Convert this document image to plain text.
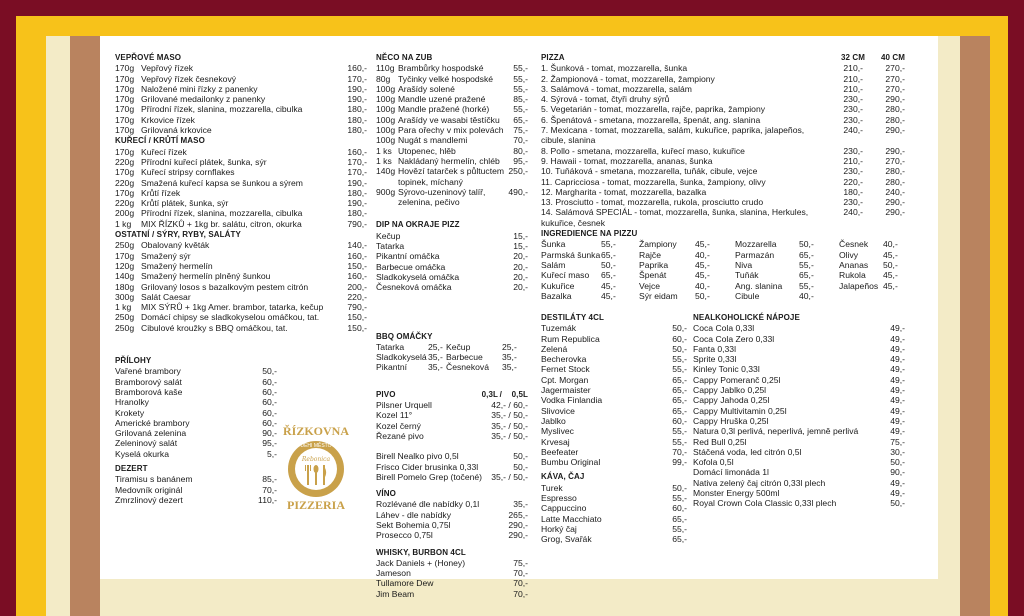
VEPŘOVÉ MASO
170g Vepřový řízek	160,-
170g Vepřový řízek česnekový	170,-
170g Naložené mini řízky z panenky	190,-
170g Grilované medailonky z panenky	190,-
170g Přírodní řízek, slanina, mozzarella, cibulka	180,-
170g Krkovice řízek	180,-
170g Grilovaná krkovice	180,-
KUŘECÍ / KRŮTÍ MASO
170g Kuřecí řízek	160,-
220g Přírodní kuřecí plátek, šunka, sýr	170,-
170g Kuřecí stripsy cornflakes	170,-
220g Smažená kuřecí kapsa se šunkou a sýrem	190,-
170g Krůtí řízek	180,-
220g Krůtí plátek, šunka, sýr	190,-
200g Přírodní řízek, slanina, mozzarella, cibulka	180,-
1 kg	MIX ŘÍZKŮ + 1kg br. salátu, citron, okurka	790,-
OSTATNÍ / SÝRY, RYBY, SALÁTY
250g Obalovaný květák	140,-
170g Smažený sýr	160,-
120g Smažený hermelín	150,-
140g Smažený hermelín plněný šunkou	160,-
180g Grilovaný losos s bazalkovým pestem citrón	200,-
300g Salát Caesar	220,-
1 kg	MIX SÝRŮ + 1kg Amer. brambor, tatarka, kečup	790,-
250g Domácí chipsy se sladkokyselou omáčkou, tat.	150,-
250g Cibulové kroužky s BBQ omáčkou, tat.	150,-
PŘÍLOHY
Vařené brambory	50,-
Bramborový salát	60,-
Bramborová kaše	60,-
Hranolky	60,-
Krokety	60,-
Americké brambory	60,-
Grilovaná zelenina	90,-
Zeleninový salát	95,-
Kyselá okurka	5,-
DEZERT
Tiramisu s banánem	85,-
Medovník originál	70,-
Zmrzlinový dezert	110,-
NĚCO NA ZUB
110g Brambůrky hospodské	55,-
80g Tyčinky velké hospodské	55,-
100g Arašídy solené	55,-
100g Mandle uzené pražené	85,-
100g Mandle pražené (horké)	55,-
100g Arašídy ve wasabi těstíčku	65,-
100g Para ořechy v mix polevách	75,-
100g Nugát s mandlemi	70,-
1 ks Utopenec, hlěb	80,-
1 ks Nakládaný hermelín, chléb	95,-
140g Hovězí tatarček s půltuctem topinek, míchaný
250,-
900g Sýrovo-uzeninový talíř, zelenina, pečivo
490,-
DIP NA OKRAJE PIZZ
Kečup	15,-
Tatarka	15,-
Pikantní omáčka	20,-
Barbecue omáčka	20,-
Sladkokyselá omáčka	20,-
Česneková omáčka	20,-
BBQ OMÁČKY
Tatarka	25,- Kečup	25,-
Sladkokyselá 35,- Barbecue	35,-
Pikantní	35,- Česneková	35,-
PIVO	0,3L /	0,5L
Pilsner Urquell	42,- / 60,-
Kozel 11°	35,- / 50,-
Kozel černý	35,- / 50,-
Řezané pivo	35,- / 50,-
Birell Nealko pivo 0,5l	50,-
Frisco Cider brusinka 0,33l	50,-
Birell Pomelo Grep (točené)	35,- / 50,-
VÍNO
Rozlévané dle nabídky 0,1l	35,-
Láhev - dle nabídky	265,-
Sekt Bohemia 0,75l	290,-
Prosecco 0,75l	290,-
WHISKY, BURBON 4CL
Jack Daniels + (Honey)	75,-
Jameson	70,-
Tullamore Dew	70,-
Jim Beam	70,-
PIZZA	32 CM	40 CM
1. Šunková - tomat, mozzarella, šunka	210,-	270,-
2. Žampionová - tomat, mozzarella, žampiony	210,-	270,-
3. Salámová - tomat, mozzarella, salám	210,-	270,-
4. Sýrová - tomat, čtyři druhy sýrů	230,-	290,-
5. Vegetarián - tomat, mozzarella, rajče, paprika, žampiony	230,-	280,-
6. Špenátová - smetana, mozzarella, špenát, ang. slanina	230,-	280,-
7. Mexicana - tomat, mozzarella, salám, kukuřice, paprika, jalapeños, cibule, slanina
240,-	290,-
8. Pollo - smetana, mozzarella, kuřecí maso, kukuřice	230,-	290,-
9. Hawaii - tomat, mozzarella, ananas, šunka	210,-	270,-
10. Tuňáková - smetana, mozzarella, tuňák, cibule, vejce	230,-	280,-
11. Capricciosa - tomat, mozzarella, šunka, žampiony, olivy	220,-	280,-
12. Margharita - tomat, mozzarella, bazalka	180,-	240,-
13. Prosciutto - tomat, mozzarella, rukola, prosciutto crudo	230,-	290,-
14. Salámová SPECIÁL - tomat, mozzarella, šunka, slanina, Herkules, kukuřice, česnek
240,-	290,-
INGREDIENCE NA PIZZU
Šunka	55,-	Žampiony	45,-	Mozzarella	50,-	Česnek	40,-
Parmská šunka 65,-	Rajče	40,-	Parmazán	65,-	Olivy	45,-
Salám	50,-	Paprika	45,-	Niva	55,-	Ananas	50,-
Kuřecí maso	65,-	Špenát	45,-	Tuňák	65,-	Rukola	45,-
Kukuřice	45,-	Vejce	40,-	Ang. slanina	55,-	Jalapeños 45,-
Bazalka	45,-	Sýr eidam	50,-	Cibule	40,-
DESTILÁTY 4CL
Tuzemák	50,-
Rum Republica	60,-
Zelená	50,-
Becherovka	55,-
Fernet Stock	55,-
Cpt. Morgan	65,-
Jagermaister	65,-
Vodka Finlandia	65,-
Slivovice	65,-
Jablko	60,-
Myslivec	55,-
Krvesaj	55,-
Beefeater	70,-
Bumbu Original	99,-
KÁVA, ČAJ
Turek	50,-
Espresso	55,-
Cappuccino	60,-
Latte Macchiato	65,-
Horký čaj	55,-
Grog, Svařák	65,-
NEALKOHOLICKÉ NÁPOJE
Coca Cola 0,33l	49,-
Coca Cola Zero 0,33l	49,-
Fanta 0,33l	49,-
Sprite 0,33l	49,-
Kinley Tonic 0,33l	49,-
Cappy Pomeranč 0,25l	49,-
Cappy Jablko 0,25l	49,-
Cappy Jahoda 0,25l	49,-
Cappy Multivitamin 0,25l	49,-
Cappy Hruška 0,25l	49,-
Natura 0,3l perlivá, neperlivá, jemně perlivá	49,-
Red Bull 0,25l	75,-
Stáčená voda, led citrón 0,5l	30,-
Kofola 0,5l	50,-
Domácí limonáda 1l	90,-
Nativa zelený čaj citrón 0,33l plech	49,-
Monster Energy 500ml	49,-
Royal Crown Cola Classic 0,33l plech	50,-
ŘÍZKOVNA
DĚHI MĚSTO
Rebonica
PIZZERIA
